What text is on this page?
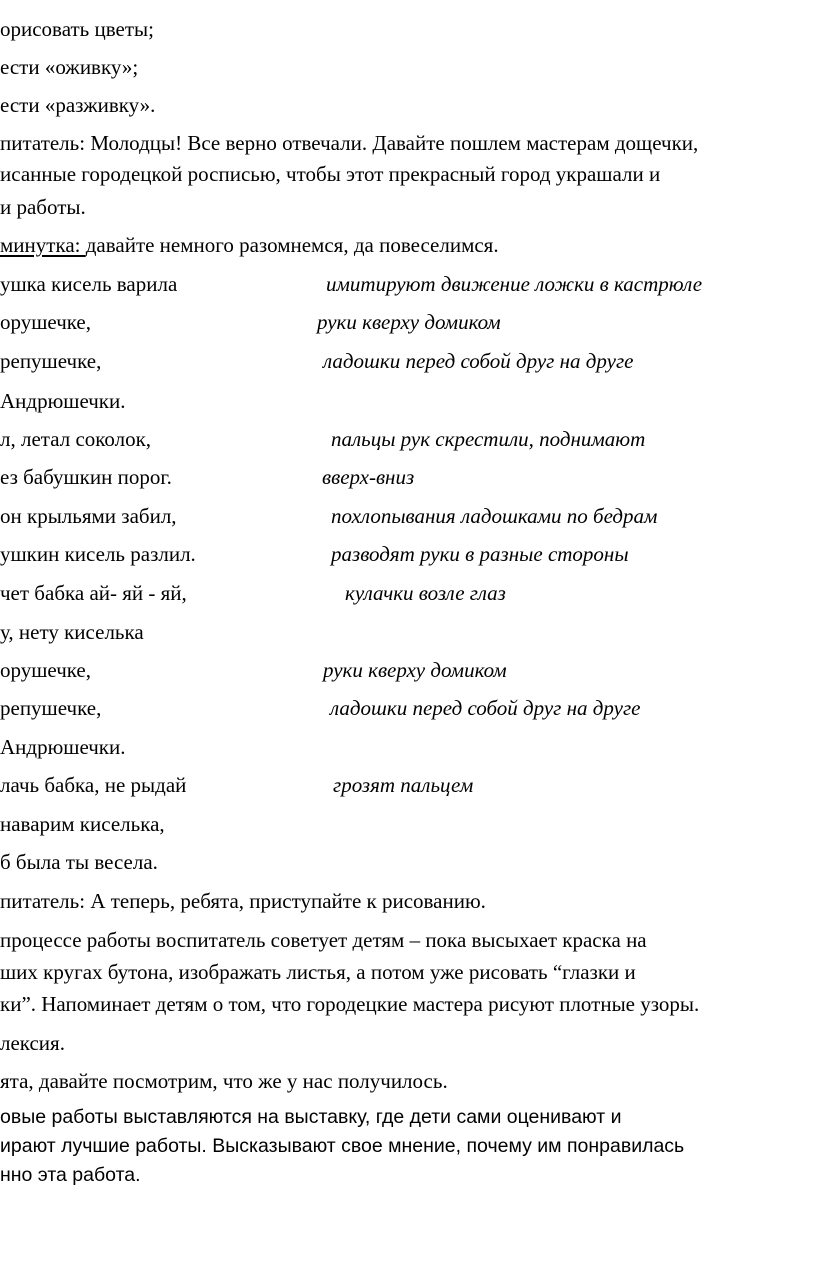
орисовать цветы;
ести «оживку»;
ести «разживку».
питатель: Молодцы! Все верно отвечали. Давайте пошлем мастерам дощечки,
исанные городецкой росписью, чтобы этот прекрасный город украшали и
и работы.
минутка: давайте немного разомнемся, да повеселимся.
ушка кисель варила	имитируют движение ложки в кастрюле
орушечке,	руки кверху домиком
репушечке,	ладошки перед собой друг на друге
Андрюшечки.
л, летал соколок,	пальцы рук скрестили, поднимают
ез бабушкин порог.	вверх-вниз
он крыльями забил,	похлопывания ладошками по бедрам
ушкин кисель разлил.	разводят руки в разные стороны
чет бабка ай- яй - яй,	кулачки возле глаз
у, нету киселька
орушечке,	руки кверху домиком
репушечке,	ладошки перед собой друг на друге
Андрюшечки.
лачь бабка, не рыдай	грозят пальцем
наварим киселька,
б была ты весела.
питатель: А теперь, ребята, приступайте к рисованию.
процессе работы воспитатель советует детям – пока высыхает краска на
ших кругах бутона, изображать листья, а потом уже рисовать “глазки и
ки”. Напоминает детям о том, что городецкие мастера рисуют плотные узоры.
лексия.
ята, давайте посмотрим, что же у нас получилось.
овые работы выставляются на выставку, где дети сами оценивают и
ирают лучшие работы. Высказывают свое мнение, почему им понравилась
нно эта работа.
